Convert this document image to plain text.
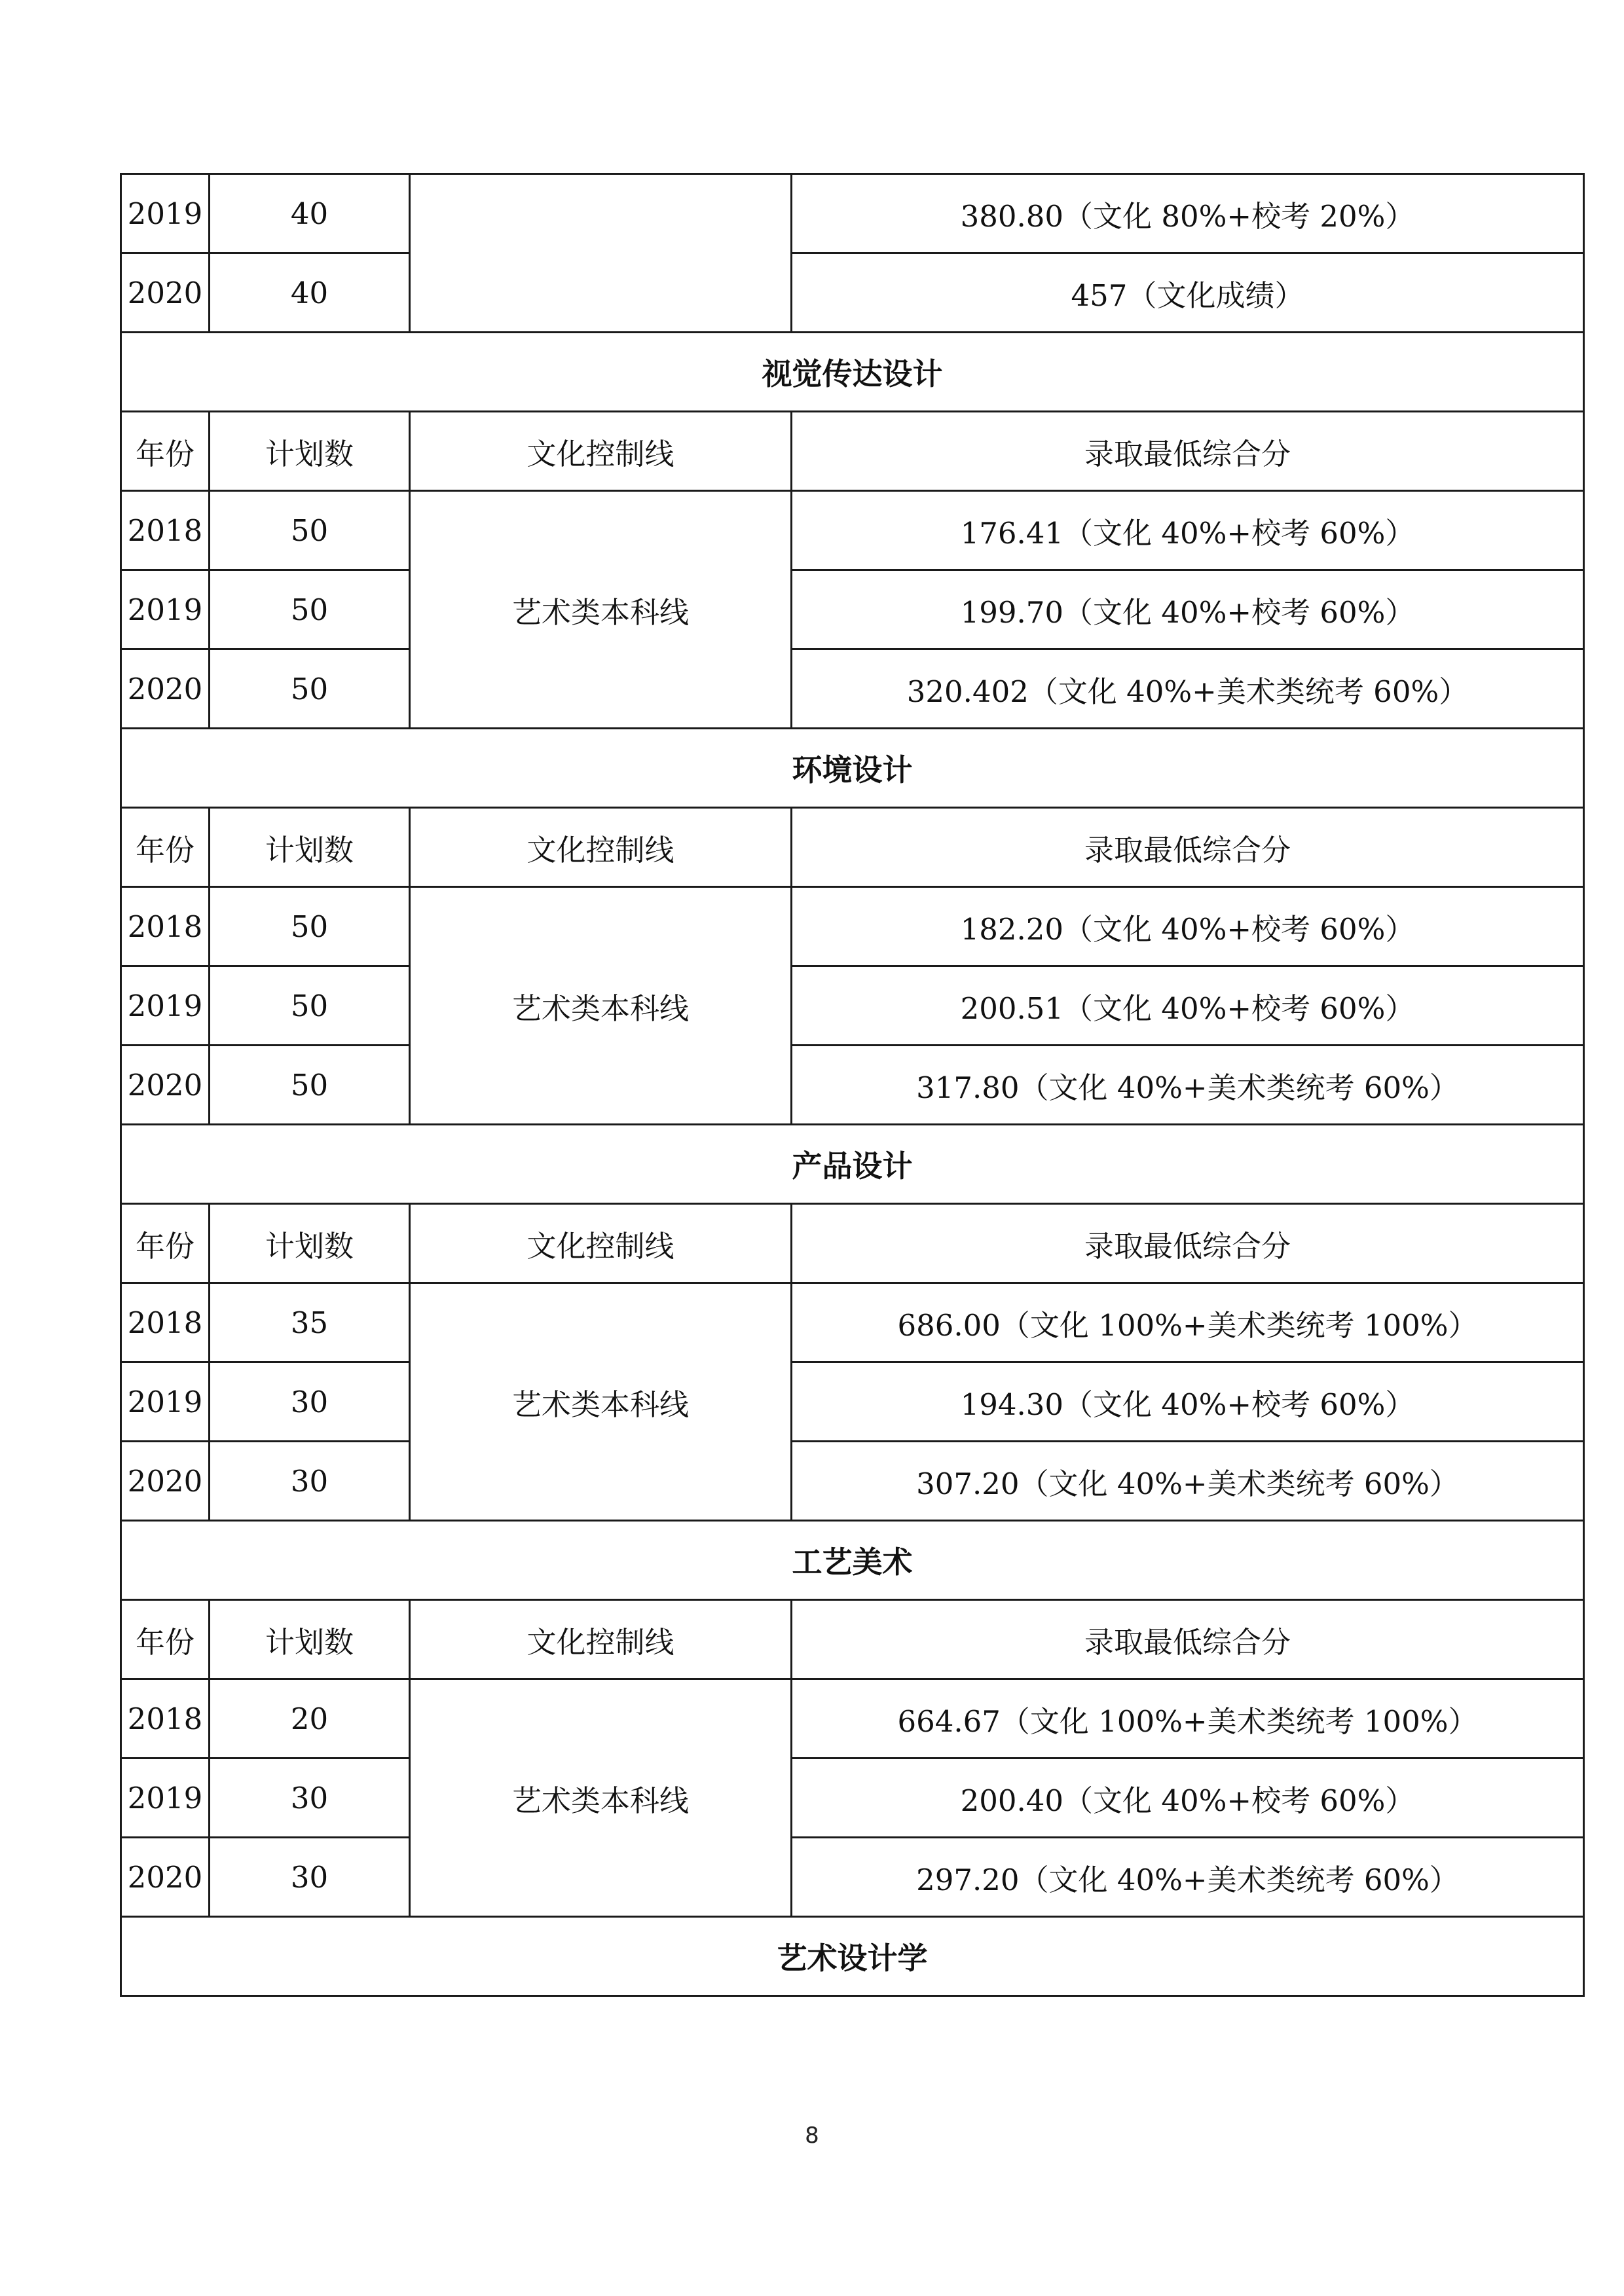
2019	40		380.80（文化 80%+校考 20%）
2020	40		457（文化成绩）
视觉传达设计			
年份	计划数	文化控制线	录取最低综合分
2018	50	艺术类本科线	176.41（文化 40%+校考 60%）
2019	50		199.70（文化 40%+校考 60%）
2020	50		320.402（文化 40%+美术类统考 60%）
环境设计			
年份	计划数	文化控制线	录取最低综合分
2018	50	艺术类本科线	182.20（文化 40%+校考 60%）
2019	50		200.51（文化 40%+校考 60%）
2020	50		317.80（文化 40%+美术类统考 60%）
产品设计			
年份	计划数	文化控制线	录取最低综合分
2018	35	艺术类本科线	686.00（文化 100%+美术类统考 100%）
2019	30		194.30（文化 40%+校考 60%）
2020	30		307.20（文化 40%+美术类统考 60%）
工艺美术			
年份	计划数	文化控制线	录取最低综合分
2018	20	艺术类本科线	664.67（文化 100%+美术类统考 100%）
2019	30		200.40（文化 40%+校考 60%）
2020	30		297.20（文化 40%+美术类统考 60%）
艺术设计学			
8
